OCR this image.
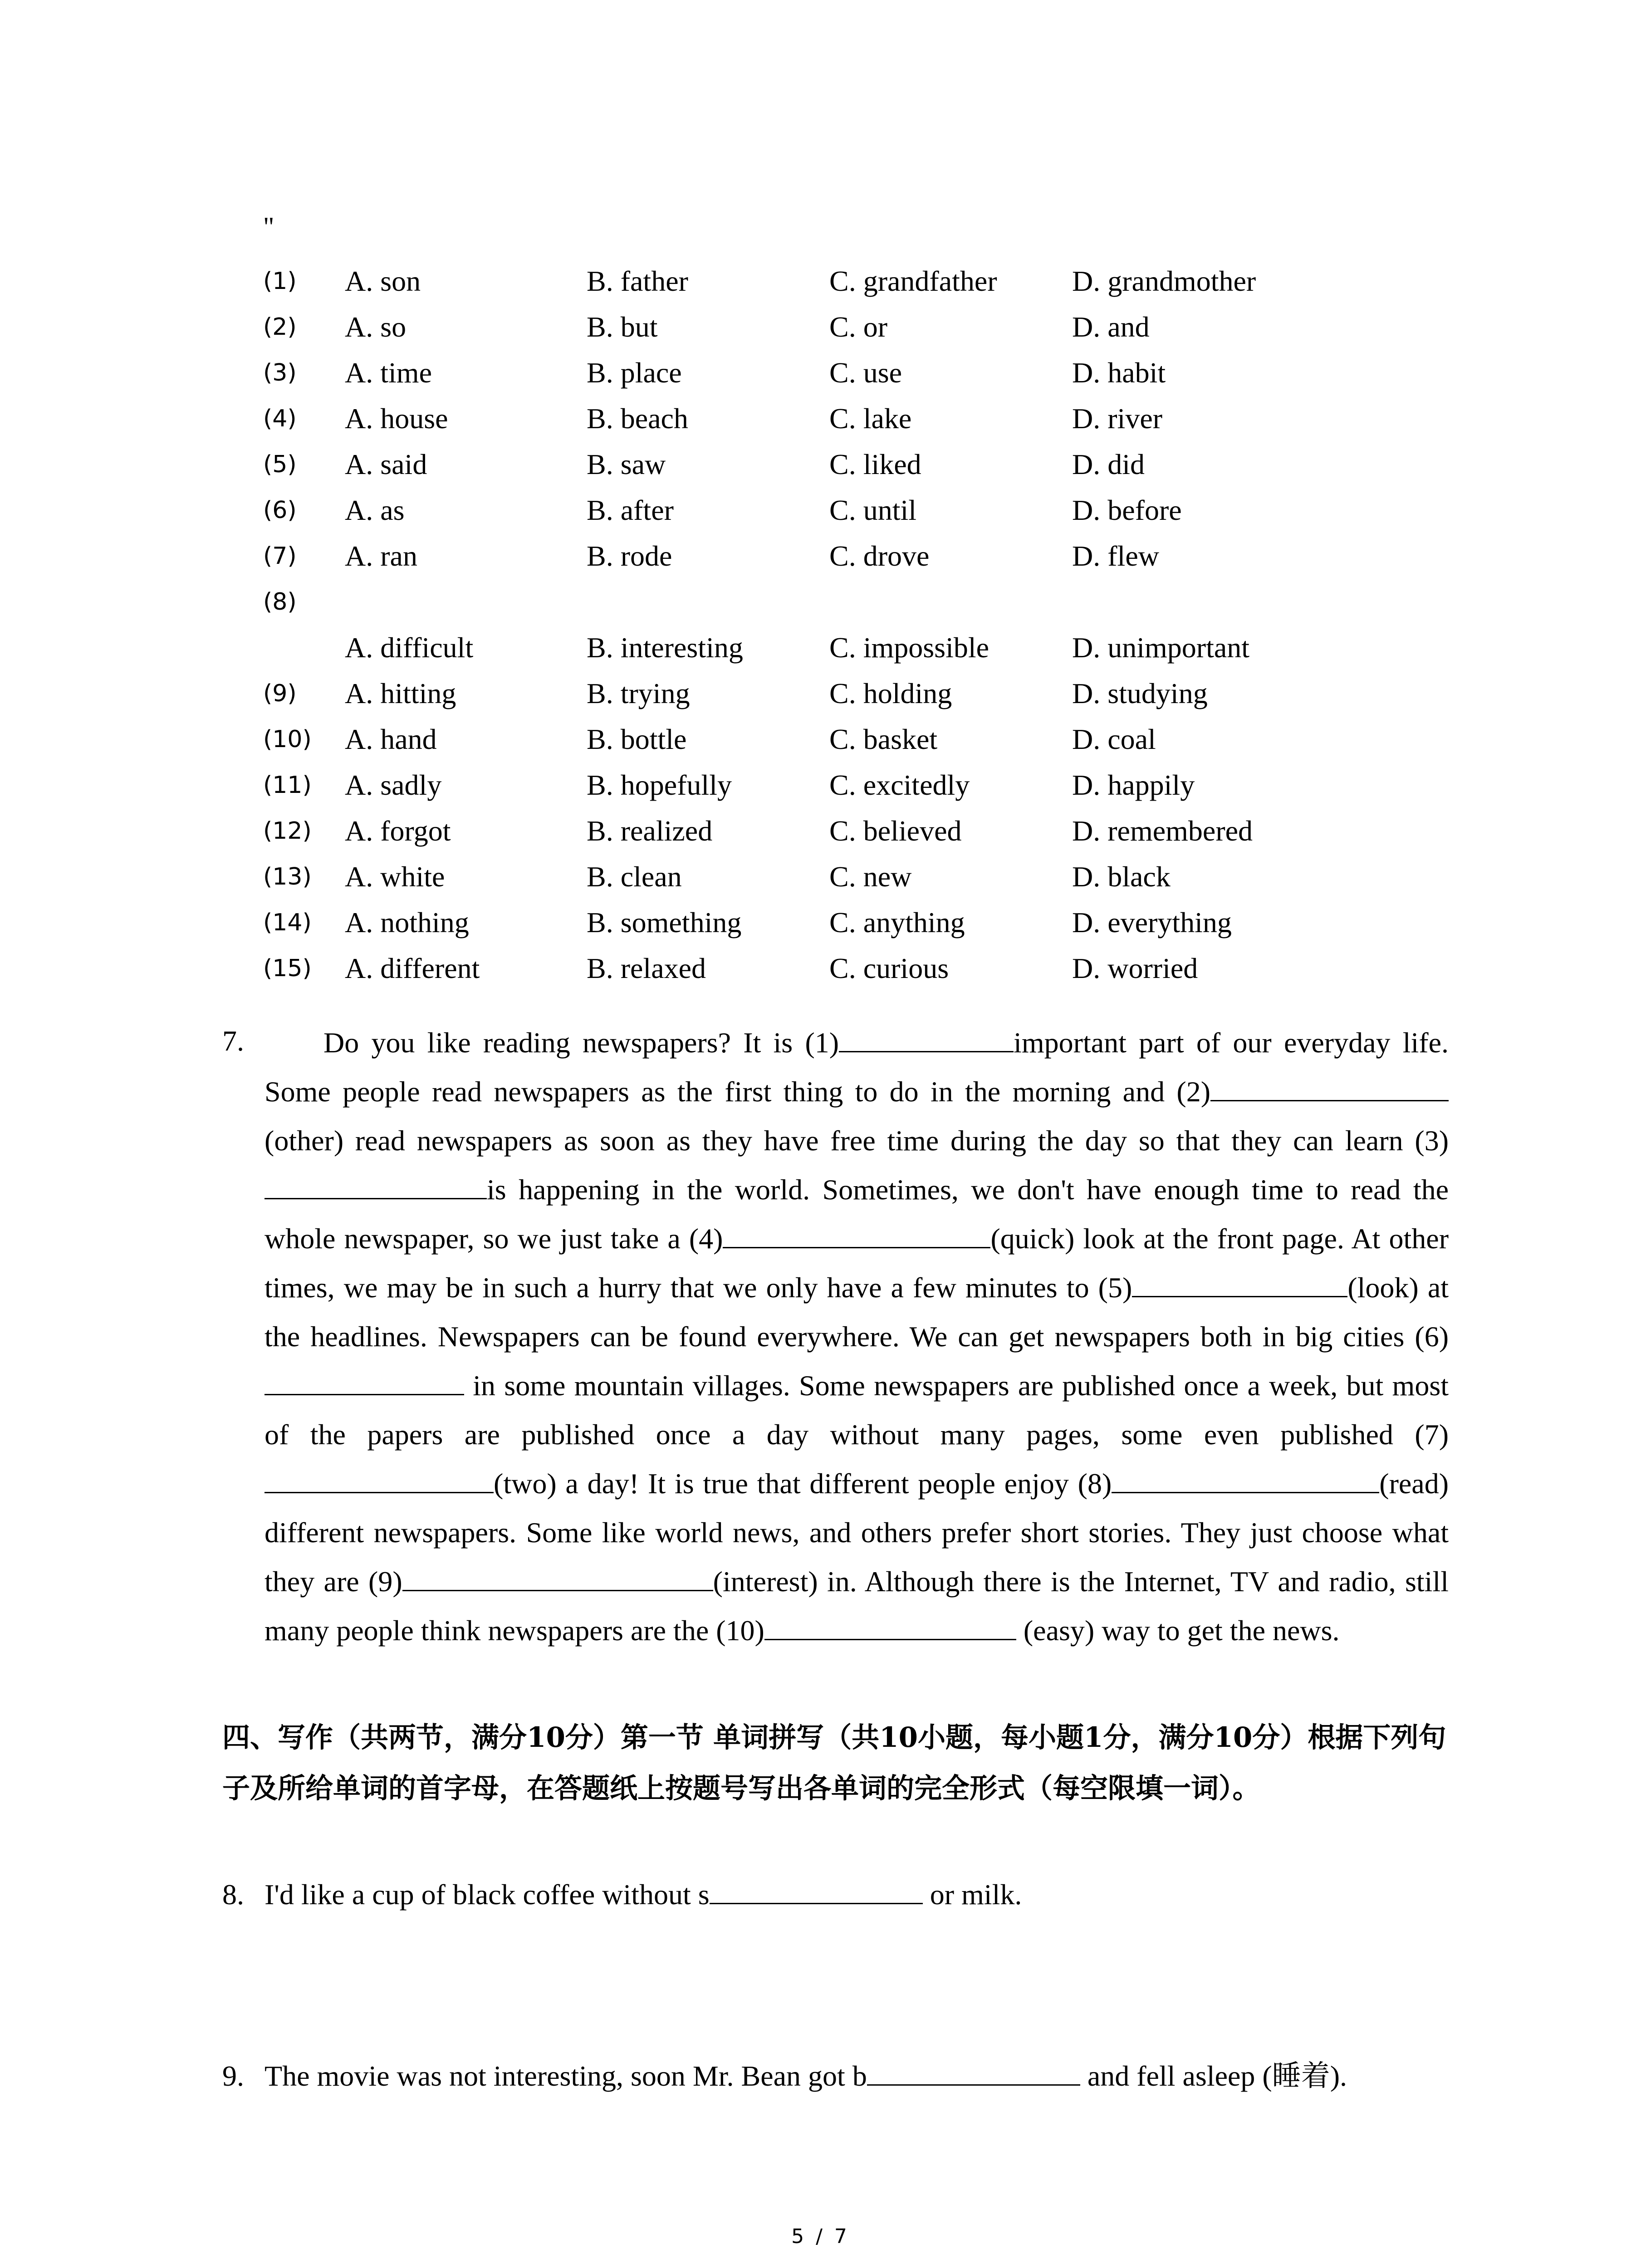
"
(1) A. son	B. father	C. grandfather	D. grandmother
(2) A. so	B. but	C. or	D. and
(3) A. time	B. place	C. use	D. habit
(4) A. house	B. beach	C. lake	D. river
(5) A. said	B. saw	C. liked	D. did
(6) A. as	B. after	C. until	D. before
(7) A. ran	B. rode	C. drove	D. flew
(8)
A. difficult	B. interesting	C. impossible	D. unimportant
(9) A. hitting	B. trying	C. holding	D. studying
(10) A. hand	B. bottle	C. basket	D. coal
(11) A. sadly	B. hopefully	C. excitedly	D. happily
(12) A. forgot	B. realized	C. believed	D. remembered
(13) A. white	B. clean	C. new	D. black
(14) A. nothing	B. something	C. anything	D. everything
(15) A. different	B. relaxed	C. curious	D. worried
7.	Do you like reading newspapers? It is (1)	important part of our everyday life. Some people read newspapers as the first thing to do in the morning and (2)(other) read newspapers as soon as they have free time during the day so that they can learn (3)is happening in the world. Sometimes, we don't have enough time to read the whole newspaper, so we just take a (4)	(quick) look at the front page. At other times, we may be in such a hurry that we only have a few minutes to (5)	(look) at the headlines. Newspapers can be found everywhere. We can get newspapers both in big cities (6) in some mountain villages. Some newspapers are published once a week, but most of the papers are published once a day without many pages, some even published (7)(two) a day! It is true that different people enjoy (8)	(read) different newspapers. Some like world news, and others prefer short stories. They just choose what they are (9)	(interest) in. Although there is the Internet, TV and radio, still many people think newspapers are the (10)	(easy) way to get the news.
四、写作（共两节，满分10分）第一节 单词拼写（共10小题，每小题1分，满分10分）根据下列句子及所给单词的首字母，在答题纸上按题号写出各单词的完全形式（每空限填一词）。
8. I'd like a cup of black coffee without s	or milk.
9. The movie was not interesting, soon Mr. Bean got b	and fell asleep (睡着).
5 / 7
